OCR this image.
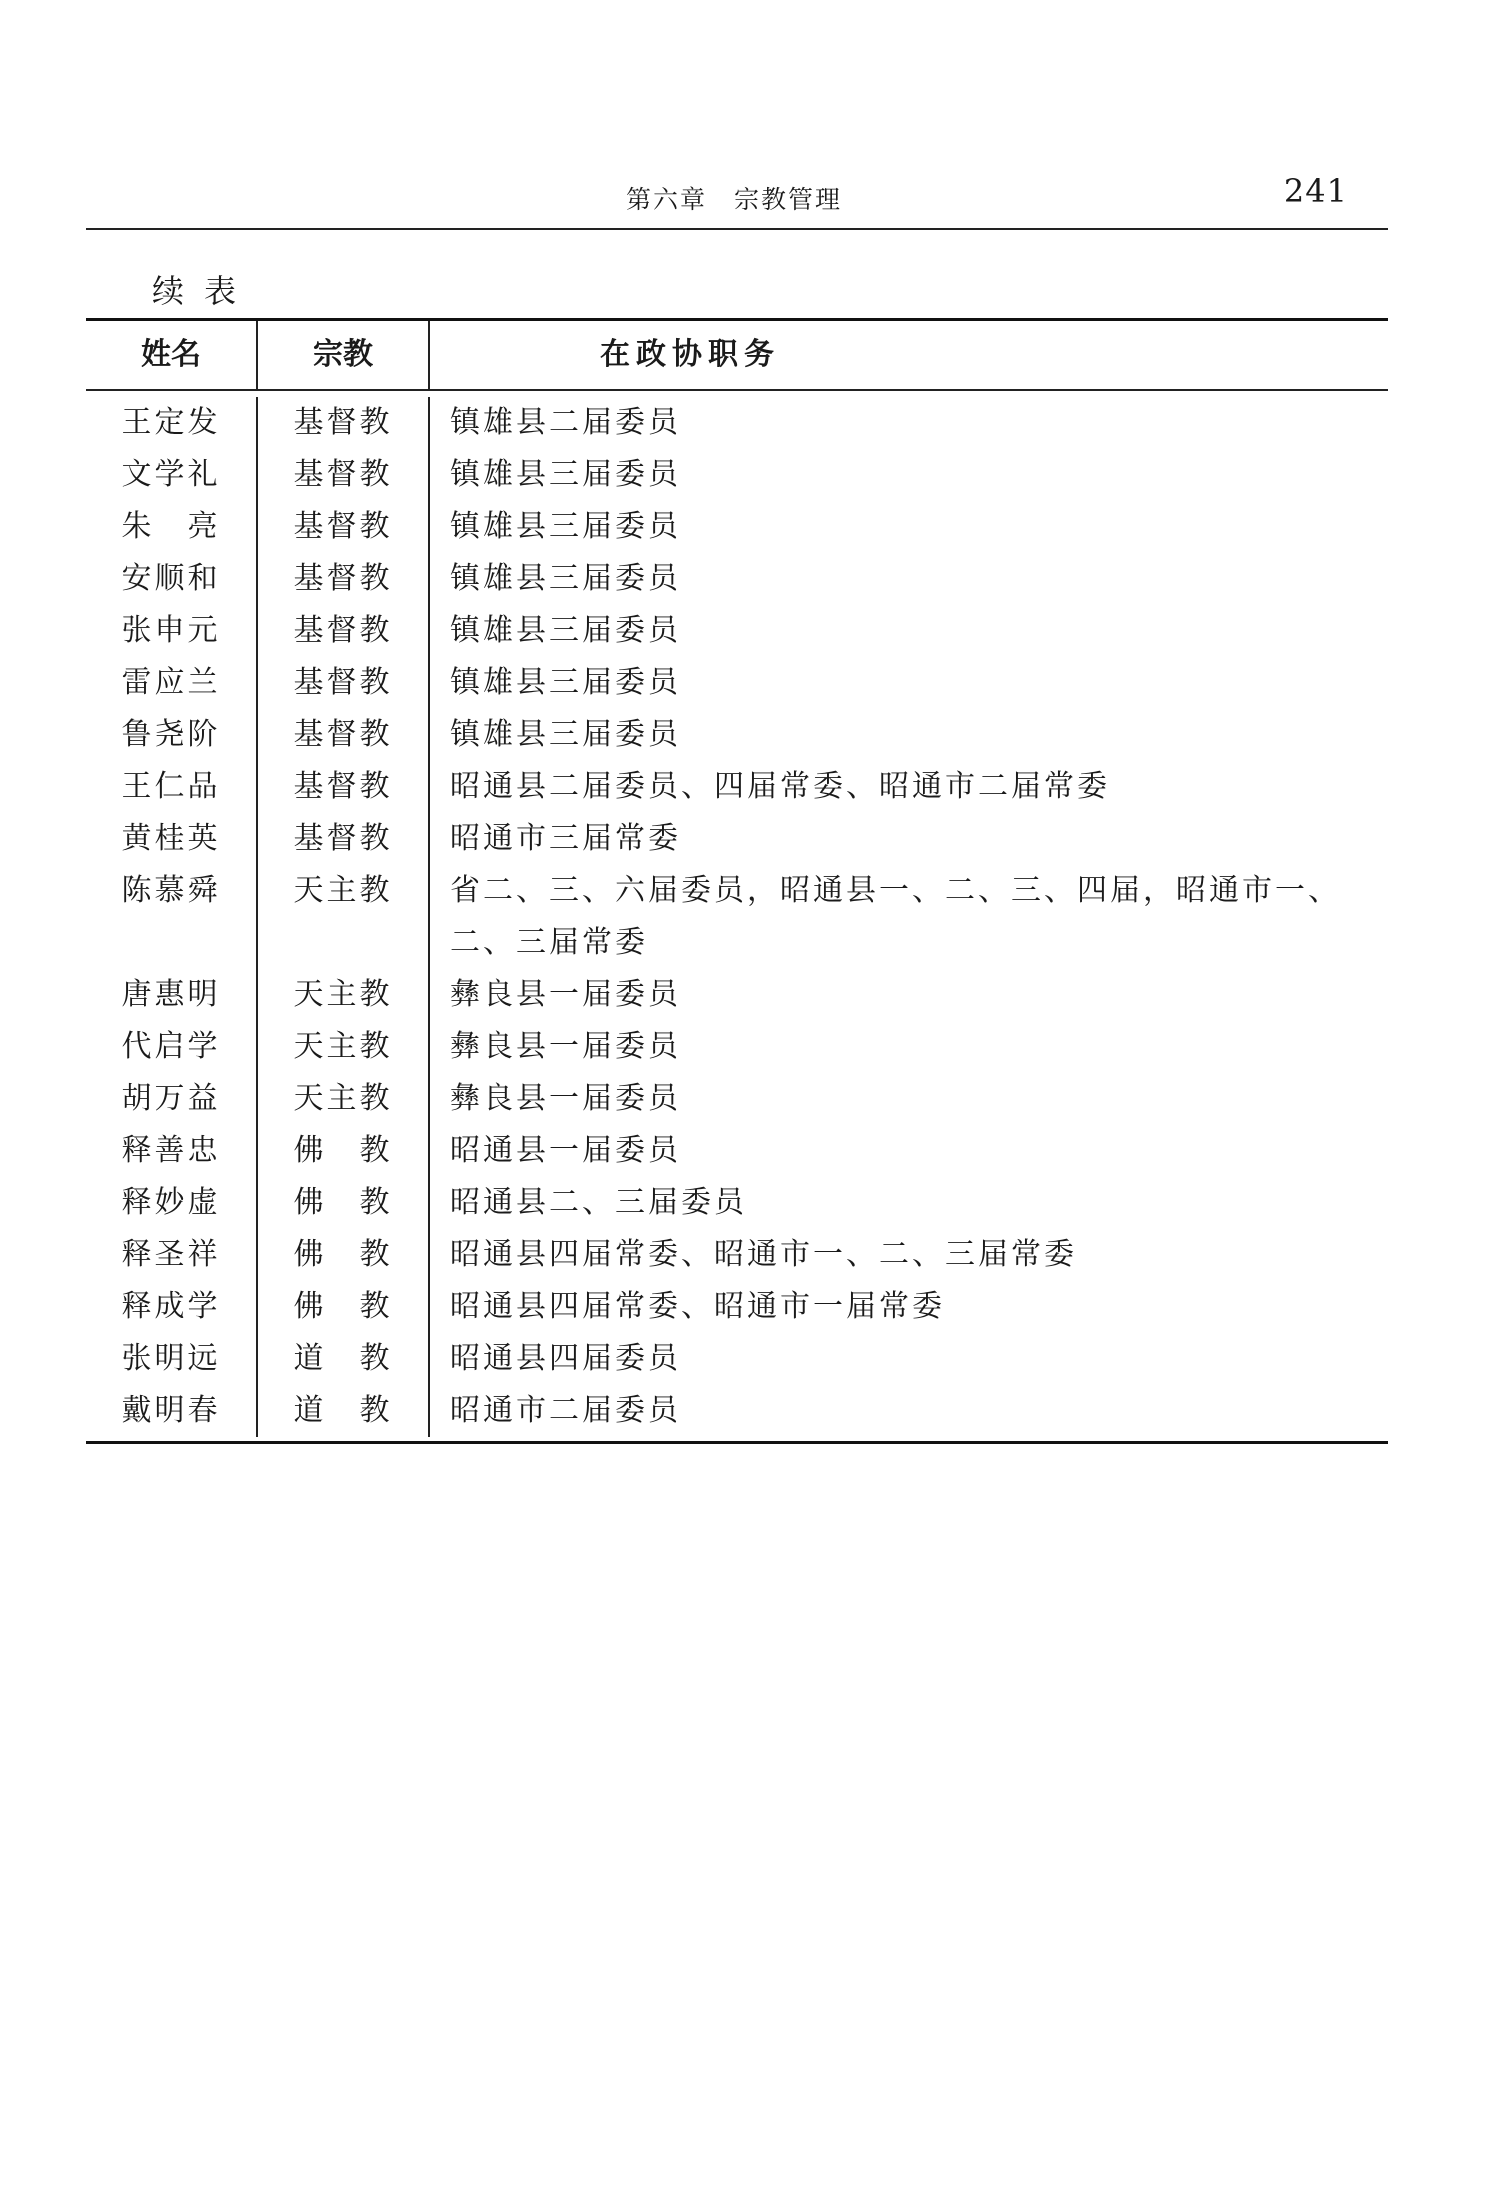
第六章　宗教管理	241
续表
姓名	宗教	在政协职务
王定发	基督教	镇雄县二届委员
文学礼	基督教	镇雄县三届委员
朱　亮	基督教	镇雄县三届委员
安顺和	基督教	镇雄县三届委员
张申元	基督教	镇雄县三届委员
雷应兰	基督教	镇雄县三届委员
鲁尧阶	基督教	镇雄县三届委员
王仁品	基督教	昭通县二届委员、四届常委、昭通市二届常委
黄桂英	基督教	昭通市三届常委
陈慕舜	天主教	省二、三、六届委员，昭通县一、二、三、四届，昭通市一、
二、三届常委
唐惠明	天主教	彝良县一届委员
代启学	天主教	彝良县一届委员
胡万益	天主教	彝良县一届委员
释善忠	佛　教	昭通县一届委员
释妙虚	佛　教	昭通县二、三届委员
释圣祥	佛　教	昭通县四届常委、昭通市一、二、三届常委
释成学	佛　教	昭通县四届常委、昭通市一届常委
张明远	道　教	昭通县四届委员
戴明春	道　教	昭通市二届委员
